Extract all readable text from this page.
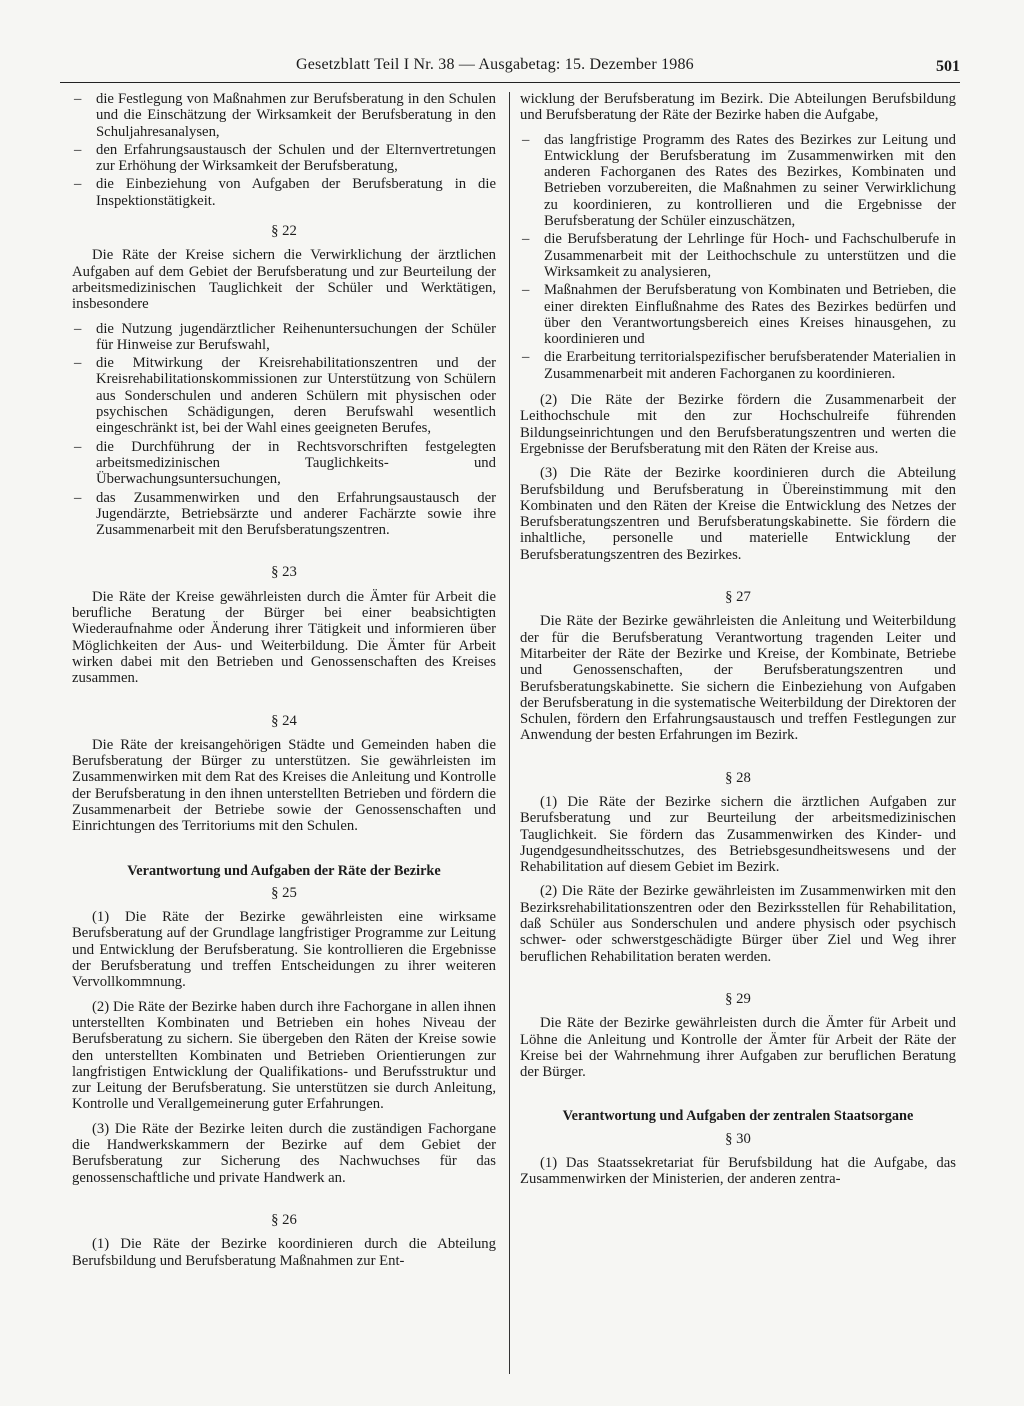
Gesetzblatt Teil I Nr. 38 — Ausgabetag: 15. Dezember 1986	501
– die Festlegung von Maßnahmen zur Berufsberatung in den Schulen und die Einschätzung der Wirksamkeit der Berufsberatung in den Schuljahresanalysen,
– den Erfahrungsaustausch der Schulen und der Elternvertretungen zur Erhöhung der Wirksamkeit der Berufsberatung,
– die Einbeziehung von Aufgaben der Berufsberatung in die Inspektionstätigkeit.
§ 22

Die Räte der Kreise sichern die Verwirklichung der ärztlichen Aufgaben auf dem Gebiet der Berufsberatung und zur Beurteilung der arbeitsmedizinischen Tauglichkeit der Schüler und Werktätigen, insbesondere

– die Nutzung jugendärztlicher Reihenuntersuchungen der Schüler für Hinweise zur Berufswahl,
– die Mitwirkung der Kreisrehabilitationszentren und der Kreisrehabilitationskommissionen zur Unterstützung von Schülern aus Sonderschulen und anderen Schülern mit physischen oder psychischen Schädigungen, deren Berufswahl wesentlich eingeschränkt ist, bei der Wahl eines geeigneten Berufes,
– die Durchführung der in Rechtsvorschriften festgelegten arbeitsmedizinischen Tauglichkeits- und Überwachungsuntersuchungen,
– das Zusammenwirken und den Erfahrungsaustausch der Jugendärzte, Betriebsärzte und anderer Fachärzte sowie ihre Zusammenarbeit mit den Berufsberatungszentren.
§ 23

Die Räte der Kreise gewährleisten durch die Ämter für Arbeit die berufliche Beratung der Bürger bei einer beabsichtigten Wiederaufnahme oder Änderung ihrer Tätigkeit und informieren über Möglichkeiten der Aus- und Weiterbildung. Die Ämter für Arbeit wirken dabei mit den Betrieben und Genossenschaften des Kreises zusammen.

§ 24

Die Räte der kreisangehörigen Städte und Gemeinden haben die Berufsberatung der Bürger zu unterstützen. Sie gewährleisten im Zusammenwirken mit dem Rat des Kreises die Anleitung und Kontrolle der Berufsberatung in den ihnen unterstellten Betrieben und fördern die Zusammenarbeit der Betriebe sowie der Genossenschaften und Einrichtungen des Territoriums mit den Schulen.

Verantwortung und Aufgaben der Räte der Bezirke
§ 25

(1) Die Räte der Bezirke gewährleisten eine wirksame Berufsberatung auf der Grundlage langfristiger Programme zur Leitung und Entwicklung der Berufsberatung. Sie kontrollieren die Ergebnisse der Berufsberatung und treffen Entscheidungen zu ihrer weiteren Vervollkommnung.

(2) Die Räte der Bezirke haben durch ihre Fachorgane in allen ihnen unterstellten Kombinaten und Betrieben ein hohes Niveau der Berufsberatung zu sichern. Sie übergeben den Räten der Kreise sowie den unterstellten Kombinaten und Betrieben Orientierungen zur langfristigen Entwicklung der Qualifikations- und Berufsstruktur und zur Leitung der Berufsberatung. Sie unterstützen sie durch Anleitung, Kontrolle und Verallgemeinerung guter Erfahrungen.

(3) Die Räte der Bezirke leiten durch die zuständigen Fachorgane die Handwerkskammern der Bezirke auf dem Gebiet der Berufsberatung zur Sicherung des Nachwuchses für das genossenschaftliche und private Handwerk an.

§ 26

(1) Die Räte der Bezirke koordinieren durch die Abteilung Berufsbildung und Berufsberatung Maßnahmen zur Ent-

wicklung der Berufsberatung im Bezirk. Die Abteilungen Berufsbildung und Berufsberatung der Räte der Bezirke haben die Aufgabe,

– das langfristige Programm des Rates des Bezirkes zur Leitung und Entwicklung der Berufsberatung im Zusammenwirken mit den anderen Fachorganen des Rates des Bezirkes, Kombinaten und Betrieben vorzubereiten, die Maßnahmen zu seiner Verwirklichung zu koordinieren, zu kontrollieren und die Ergebnisse der Berufsberatung der Schüler einzuschätzen,
– die Berufsberatung der Lehrlinge für Hoch- und Fachschulberufe in Zusammenarbeit mit der Leithochschule zu unterstützen und die Wirksamkeit zu analysieren,
– Maßnahmen der Berufsberatung von Kombinaten und Betrieben, die einer direkten Einflußnahme des Rates des Bezirkes bedürfen und über den Verantwortungsbereich eines Kreises hinausgehen, zu koordinieren und
– die Erarbeitung territorialspezifischer berufsberatender Materialien in Zusammenarbeit mit anderen Fachorganen zu koordinieren.

(2) Die Räte der Bezirke fördern die Zusammenarbeit der Leithochschule mit den zur Hochschulreife führenden Bildungseinrichtungen und den Berufsberatungszentren und werten die Ergebnisse der Berufsberatung mit den Räten der Kreise aus.

(3) Die Räte der Bezirke koordinieren durch die Abteilung Berufsbildung und Berufsberatung in Übereinstimmung mit den Kombinaten und den Räten der Kreise die Entwicklung des Netzes der Berufsberatungszentren und Berufsberatungskabinette. Sie fördern die inhaltliche, personelle und materielle Entwicklung der Berufsberatungszentren des Bezirkes.

§ 27

Die Räte der Bezirke gewährleisten die Anleitung und Weiterbildung der für die Berufsberatung Verantwortung tragenden Leiter und Mitarbeiter der Räte der Bezirke und Kreise, der Kombinate, Betriebe und Genossenschaften, der Berufsberatungszentren und Berufsberatungskabinette. Sie sichern die Einbeziehung von Aufgaben der Berufsberatung in die systematische Weiterbildung der Direktoren der Schulen, fördern den Erfahrungsaustausch und treffen Festlegungen zur Anwendung der besten Erfahrungen im Bezirk.

§ 28

(1) Die Räte der Bezirke sichern die ärztlichen Aufgaben zur Berufsberatung und zur Beurteilung der arbeitsmedizinischen Tauglichkeit. Sie fördern das Zusammenwirken des Kinder- und Jugendgesundheitsschutzes, des Betriebsgesundheitswesens und der Rehabilitation auf diesem Gebiet im Bezirk.

(2) Die Räte der Bezirke gewährleisten im Zusammenwirken mit den Bezirksrehabilitationszentren oder den Bezirksstellen für Rehabilitation, daß Schüler aus Sonderschulen und andere physisch oder psychisch schwer- oder schwerstgeschädigte Bürger über Ziel und Weg ihrer beruflichen Rehabilitation beraten werden.

§ 29

Die Räte der Bezirke gewährleisten durch die Ämter für Arbeit und Löhne die Anleitung und Kontrolle der Ämter für Arbeit der Räte der Kreise bei der Wahrnehmung ihrer Aufgaben zur beruflichen Beratung der Bürger.

Verantwortung und Aufgaben der zentralen Staatsorgane
§ 30

(1) Das Staatssekretariat für Berufsbildung hat die Aufgabe, das Zusammenwirken der Ministerien, der anderen zentra-
